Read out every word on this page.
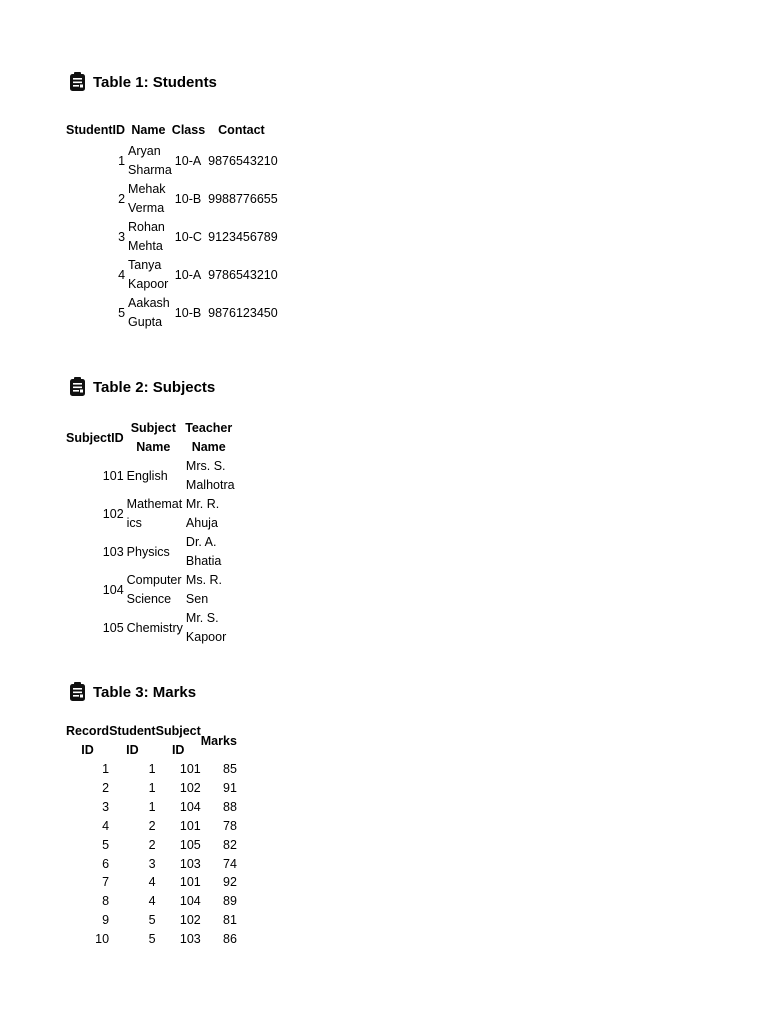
Table 1: Students
StudentID	Name	Class	Contact
1	Aryan Sharma	10-A	9876543210
2	Mehak Verma	10-B	9988776655
3	Rohan Mehta	10-C	9123456789
4	Tanya Kapoor	10-A	9786543210
5	Aakash Gupta	10-B	9876123450
Table 2: Subjects
SubjectID	Subject Name	Teacher Name
101	English	Mrs. S. Malhotra
102	Mathematics	Mr. R. Ahuja
103	Physics	Dr. A. Bhatia
104	Computer Science	Ms. R. Sen
105	Chemistry	Mr. S. Kapoor
Table 3: Marks
Record ID	Student ID	Subject ID	Marks
1	1	101	85
2	1	102	91
3	1	104	88
4	2	101	78
5	2	105	82
6	3	103	74
7	4	101	92
8	4	104	89
9	5	102	81
10	5	103	86
